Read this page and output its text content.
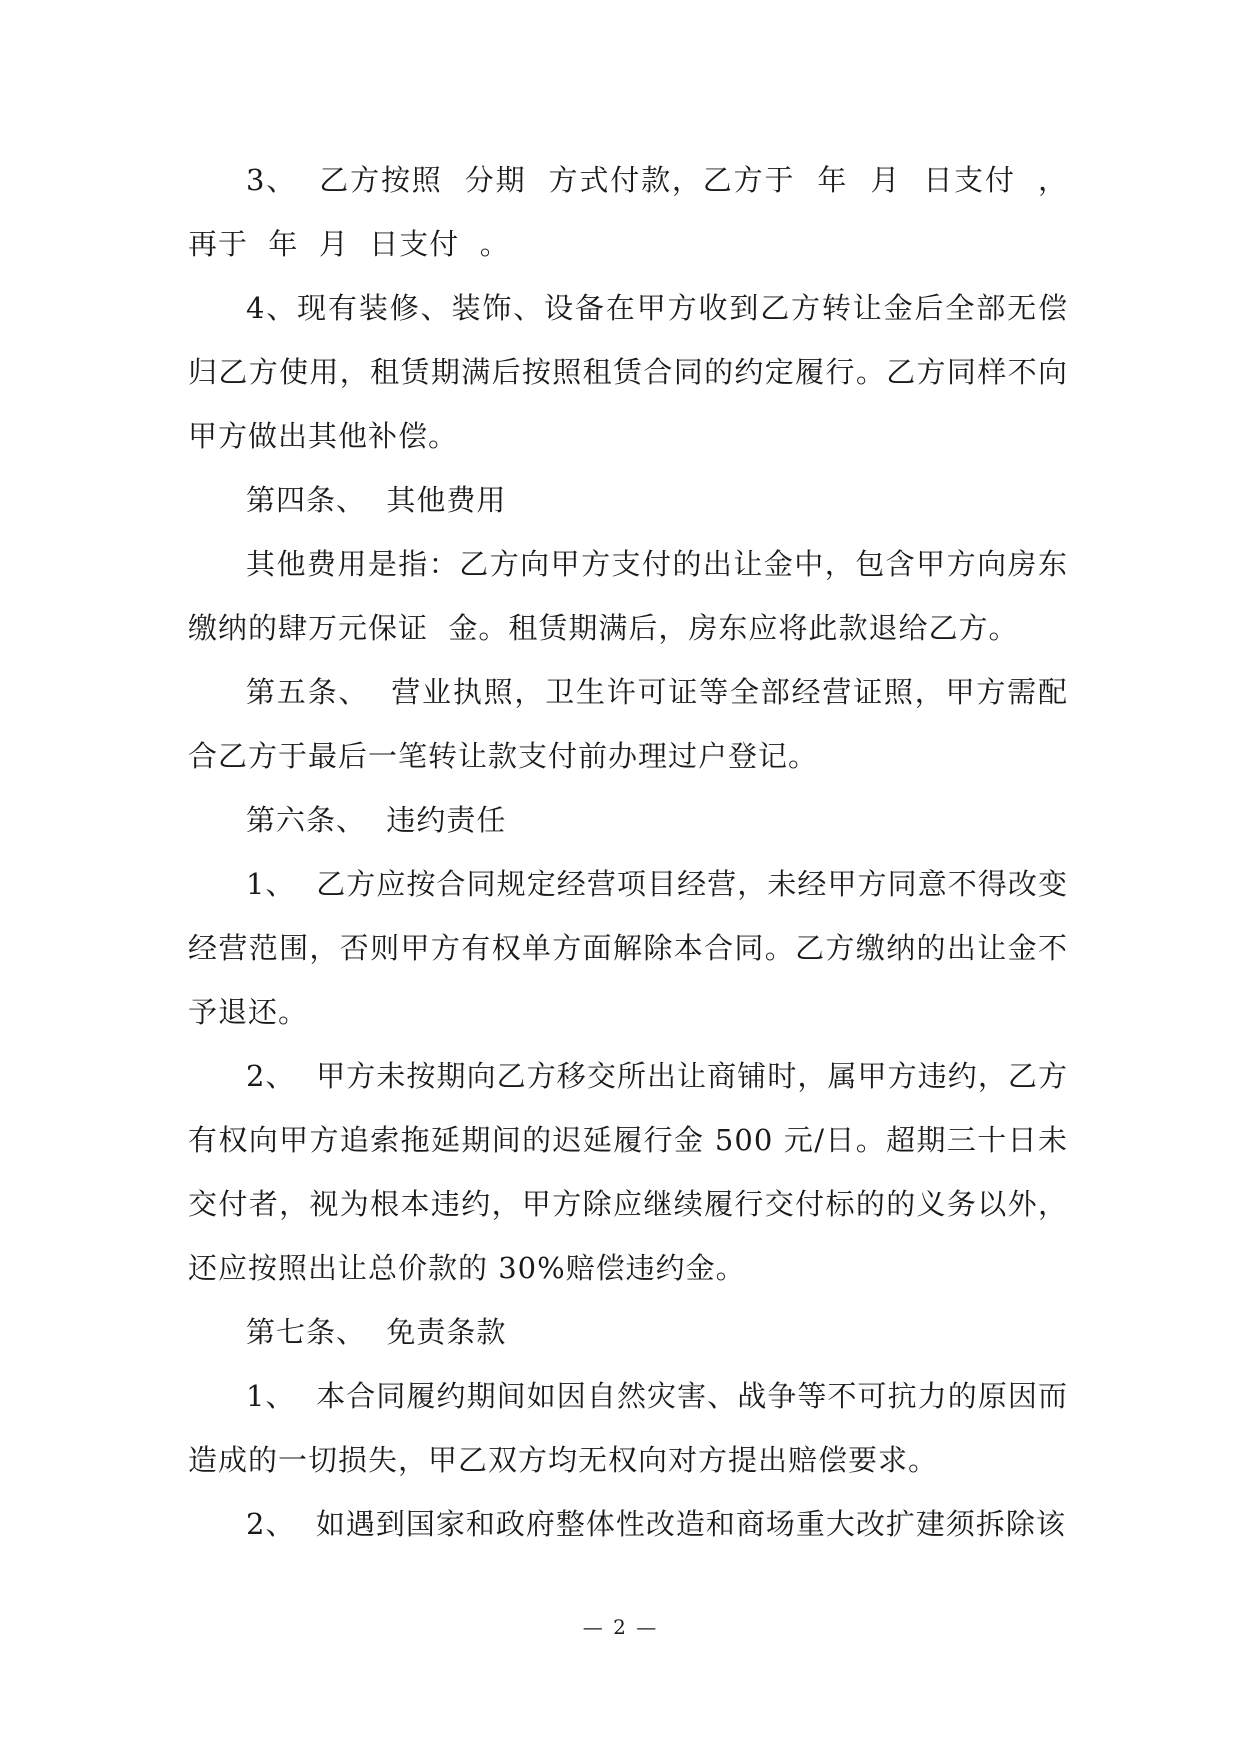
3、  乙方按照  分期  方式付款，乙方于  年  月  日支付  ，再于  年  月  日支付  。

4、现有装修、装饰、设备在甲方收到乙方转让金后全部无偿归乙方使用，租赁期满后按照租赁合同的约定履行。乙方同样不向甲方做出其他补偿。

第四条、  其他费用

其他费用是指：乙方向甲方支付的出让金中，包含甲方向房东缴纳的肆万元保证  金。租赁期满后，房东应将此款退给乙方。

第五条、  营业执照，卫生许可证等全部经营证照，甲方需配合乙方于最后一笔转让款支付前办理过户登记。

第六条、  违约责任

1、  乙方应按合同规定经营项目经营，未经甲方同意不得改变经营范围，否则甲方有权单方面解除本合同。乙方缴纳的出让金不予退还。

2、  甲方未按期向乙方移交所出让商铺时，属甲方违约，乙方有权向甲方追索拖延期间的迟延履行金 500 元/日。超期三十日未交付者，视为根本违约，甲方除应继续履行交付标的的义务以外，还应按照出让总价款的 30%赔偿违约金。

第七条、  免责条款

1、  本合同履约期间如因自然灾害、战争等不可抗力的原因而造成的一切损失，甲乙双方均无权向对方提出赔偿要求。

2、  如遇到国家和政府整体性改造和商场重大改扩建须拆除该

— 2 —
